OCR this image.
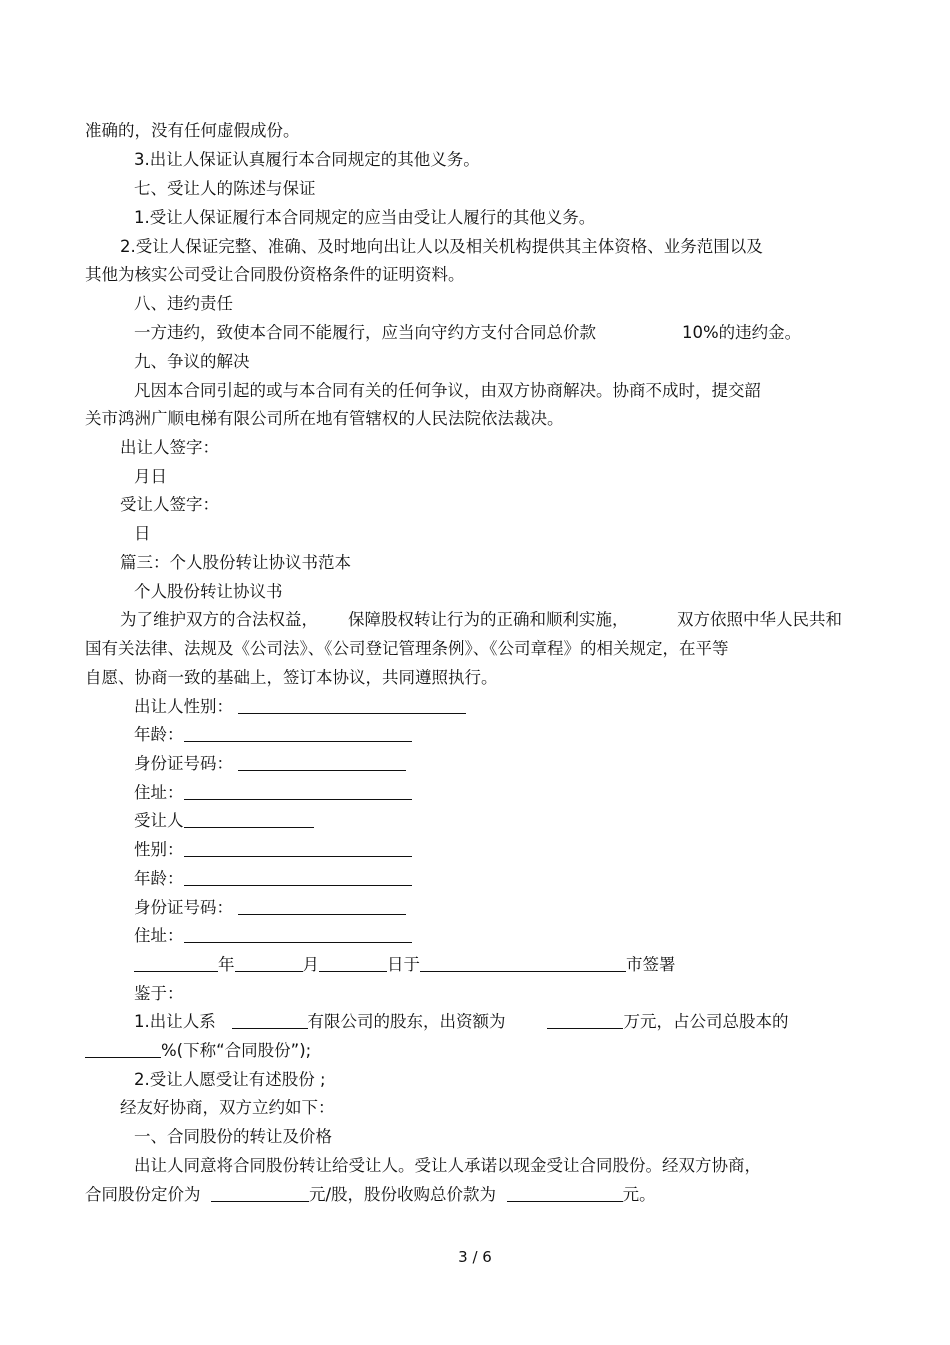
准确的，没有任何虚假成份。
3.出让人保证认真履行本合同规定的其他义务。
七、受让人的陈述与保证
1.受让人保证履行本合同规定的应当由受让人履行的其他义务。
2.受让人保证完整、准确、及时地向出让人以及相关机构提供其主体资格、业务范围以及
其他为核实公司受让合同股份资格条件的证明资料。
八、违约责任
一方违约，致使本合同不能履行，应当向守约方支付合同总价款	10%的违约金。
九、争议的解决
凡因本合同引起的或与本合同有关的任何争议，由双方协商解决。协商不成时，提交韶
关市鸿洲广顺电梯有限公司所在地有管辖权的人民法院依法裁决。
出让人签字：
月日
受让人签字：
日
篇三：个人股份转让协议书范本
个人股份转让协议书
为了维护双方的合法权益， 保障股权转让行为的正确和顺利实施，	双方依照中华人民共和
国有关法律、法规及《公司法》、《公司登记管理条例》、《公司章程》的相关规定，在平等
自愿、协商一致的基础上，签订本协议，共同遵照执行。
出让人性别：
年龄：
身份证号码：
住址：
受让人
性别：
年龄：
身份证号码：
住址：
年	月	日于	市签署
鉴于：
1.出让人系	有限公司的股东，出资额为	万元，占公司总股本的
%(下称“合同股份”);
2.受让人愿受让有述股份 ;
经友好协商，双方立约如下：
一、合同股份的转让及价格
出让人同意将合同股份转让给受让人。受让人承诺以现金受让合同股份。经双方协商，
合同股份定价为	元/股，股份收购总价款为	元。
3 / 6
